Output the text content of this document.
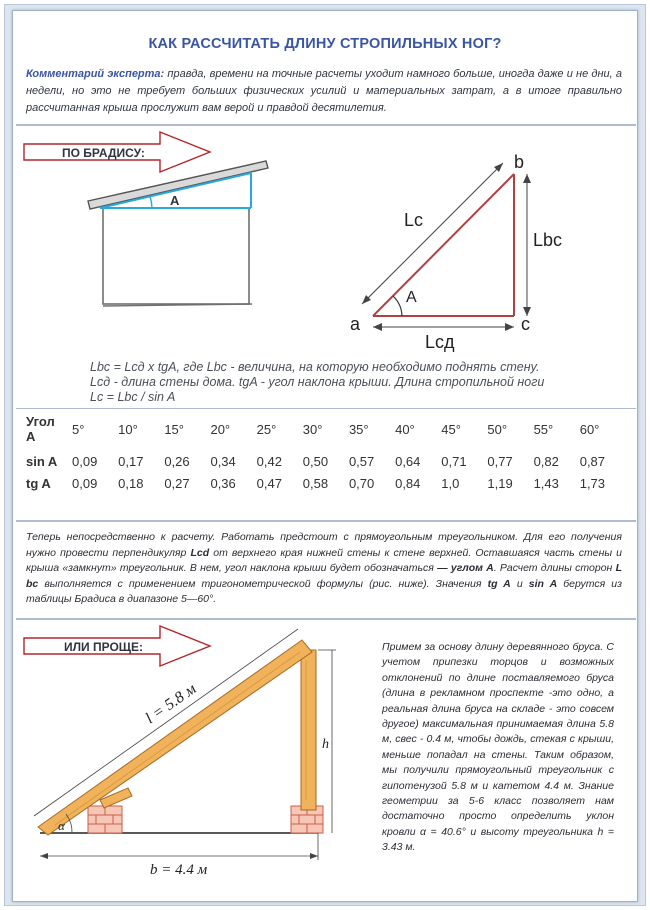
КАК РАССЧИТАТЬ ДЛИНУ СТРОПИЛЬНЫХ НОГ?
Комментарий эксперта: правда, времени на точные расчеты уходит намного больше, иногда даже и не дни, а недели, но это не требует больших физических усилий и материальных затрат, а в итоге правильно рассчитанная крыша прослужит вам верой и правдой десятилетия.
ПО БРАДИСУ:
А
a
b
c
A
Lc
Lbc
Lcд
Lbc = Lcд x tgA, где Lbc - величина, на которую необходимо поднять стену. Lcд - длина стены дома. tgA - угол наклона крыши. Длина стропильной ноги Lc = Lbc / sin A
Угол
А	5°	10°	15°	20°	25°	30°	35°	40°	45°	50°	55°	60°

sin A	0,09	0,17	0,26	0,34	0,42	0,50	0,57	0,64	0,71	0,77	0,82	0,87
tg A	0,09	0,18	0,27	0,36	0,47	0,58	0,70	0,84	1,0	1,19	1,43	1,73
Теперь непосредственно к расчету. Работать предстоит с прямоугольным треугольником. Для его получения нужно провести перпендикуляр Lcd от верхнего края нижней стены к стене верхней. Оставшаяся часть стены и крыша «замкнут» треугольник. В нем, угол наклона крыши будет обозначаться — углом А. Расчет длины сторон L bc выполняется с применением тригонометрической формулы (рис. ниже). Значения tg A и sin A берутся из таблицы Брадиса в диапазоне 5—60°.
ИЛИ ПРОЩЕ:
l = 5.8 м
h
b = 4.4 м
α
Примем за основу длину деревянного бруса. С учетом припезки торцов и возможных отклонений по длине поставляемого бруса (длина в рекламном проспекте -это одно, а реальная длина бруса на складе - это совсем другое) максимальная принимаемая длина 5.8 м, свес - 0.4 м, чтобы дождь, стекая с крыши, меньше попадал на стены. Таким образом, мы получили прямоугольный треугольник с гипотенузой 5.8 м и катетом 4.4 м. Знание геометрии за 5-6 класс позволяет нам достаточно просто определить уклон кровли α = 40.6° и высоту треугольника h = 3.43 м.
